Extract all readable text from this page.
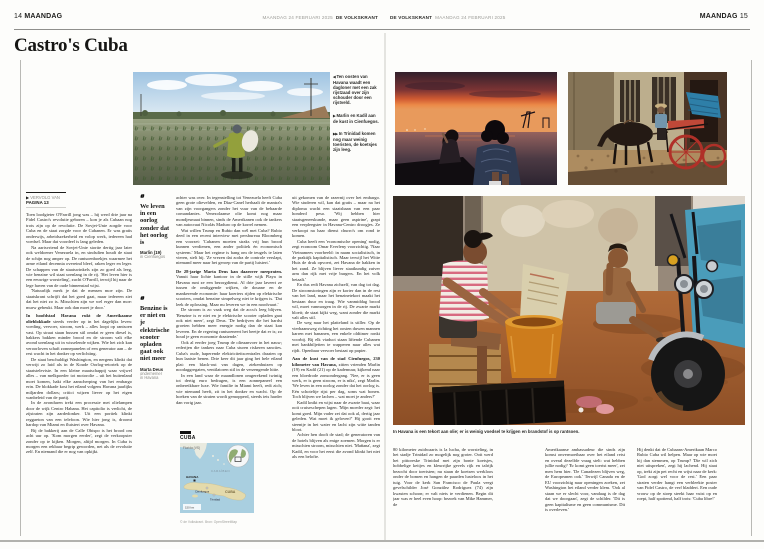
14 MAANDAG	MAANDAG 24 FEBRUARI 2025 DE VOLKSKRANT	DE VOLKSKRANT MAANDAG 24 FEBRUARI 2025	MAANDAG 15
Castro's Cuba
◀ Ten oosten van Havana waadt een dagloner met een zak rijstzaad over zijn schouder door een rijstveld.
▶ Marlin en Kadil aan de kust in Cienfuegos.
▶▶ In Trinidad komen nog maar weinig toeristen, de koetsjes zijn leeg.
▶ VERVOLG VAN
PAGINA 13

Toen loodgieter O'Farrill jong was – hij werd drie jaar na Fidel Castro's revolutie geboren – kon je als Cubaan nog trots zijn op de revolutie. De Sovjet-Unie zorgde voor Cuba en de staat zorgde voor de Cubanen. Er was gratis onderwijs, arbeidszekerheid en volop werk, iedereen had voedsel. Maar dat voordeel is lang geleden.

Na aartsvriend de Sovjet-Unie stortte dertig jaar later ook weldoener Venezuela in, en sindsdien houdt de staat de schijn nog amper op. De rantsoenboekjes waarmee het arme eiland decennia overeind bleef, raken leger en leger. De schappen van de staatswinkels zijn zo goed als leeg, wie benzine wil staat urenlang in de rij. 'Het leven hier is een eeuwige worsteling', zucht O'Farrill, terwijl hij naar de lege haven van de oude binnenstad wijst.

'Natuurlijk merk je dat de mensen moe zijn. De staatskrant schrijft dat het goed gaat, maar iedereen ziet dat het niet zo is. Misschien zijn we wel erger dan moe: murw gebeukt. Maar ook dan moet je door.'

In hoofdstad Havana rukt de Amerikaanse olieblokkade steeds verder op in het dagelijks leven: voeding, vervoer, stroom, werk – alles loopt op rantsoen vast. Op straat staan bussen stil omdat er geen diesel is, bakkers bakken minder brood en de stroom valt elke avond urenlang uit in wisselende wijken. Wie het zich kan veroorloven schaft zonnepanelen of een generator aan – de rest wacht in het donker op verlichting.

De staat beschuldigt Washington, en nergens klinkt dat verwijt zo luid als in de Koude Oorlog-retoriek op de staatstelevisie. In een kleine maatschappij waar vrijwel alles – van melkpoeder tot motorolie – uit het buitenland moet komen, hakt elke aanscherping van het embargo erin. De blokkade kost het eiland volgens Havana jaarlijks miljarden dollars; critici wijzen liever op het eigen wanbeleid van de partij.

In de avonduren trekt een processie met olielampen door de wijk Centro Habana. Het capitolio is verlicht, de zijstraten zijn aardedonker. Uit een portiek klinkt reggaeton van een telefoon. Wie hier jong is, droomt hardop van Miami en fluistert over Havana.

Bij de bakkerij aan de Calle Obispo is het brood om acht uur op. 'Kom morgen eerder', zegt de verkoopster zonder op te kijken. Morgen, altijd morgen. In Cuba is morgen een rekbaar begrip geworden, net als de revolutie zelf. En niemand die er nog van opkijkt.

❛❜
We leven in een oorlog zonder dat het oorlog is
Marlin (19)
in Cienfuegos
❛❜
Benzine is er niet en je elektrische scooter opladen gaat ook niet meer
Marta Deus
ondernemer
in Havana

achter was over. In tegenstelling tot Venezuela heeft Cuba geen grote olievelden, en Díaz-Canel herhaalt de mantra's van zijn voorgangers zonder het vuur van de bebaarde comandantes. Venezolaanse olie komt nog maar mondjesmaat binnen, sinds de Amerikanen ook de tankers van autocraat Nicolás Maduro op de korrel nemen.

Wat willen Trump en Rubio dan wél met Cuba? Rubio deed in een recent interview met persbureau Bloomberg een voorzet: 'Cubanen moeten straks vrij hun brood kunnen verdienen, een ander politiek én economisch systeem.' Maar het regime is bang om de teugels te laten vieren, stelt hij. 'Ze vrezen dat zodra de controle verslapt, niemand meer naar het geroep van de partij luistert.'

De 28-jarige Marta Deus kan daarover meepraten. Vanuit haar lichte kantoor in de stille wijk Playa in Havana runt ze een bezorgdienst. Al drie jaar laveert ze tussen de omliggende wijken, de douane en de mankerende economie: haar koeriers rijden op elektrische scooters, omdat benzine simpelweg niet te krijgen is. 'Dat leek de oplossing. Maar nu leveren we in een noodvaart.'

De stroom is zo vaak weg dat de accu's leeg blijven. 'Benzine is er niet en je elektrische scooter opladen gaat ook niet meer', zegt Deus. 'De bedrijven die het hardst groeien hebben meer energie nodig dan de staat kan leveren. En de regering rantsoeneert het beetje dat er is; zo houd je geen economie draaiende.'

Ook al eerder joeg Trump de olieaanvoer in het nauw; rederijen die tankers naar Cuba sturen riskeren sancties. Cuba's oude, haperende elektriciteitscentrales draaien op hun laatste benen. Drie keer dit jaar ging het hele eiland plat: een black-out van dagen, ziekenhuizen op noodaggregaten, ventilatoren stil in de verzengende hitte.

In een land waar de maandlonen omgerekend twintig tot dertig euro bedragen, is een zonnepaneel een onbereikbare luxe. Wie familie in Miami heeft, redt zich; wie niemand heeft, zit in het donker en wacht. Op de hoeken van de straten wordt gemopperd, steeds iets harder dan vorig jaar.

CUBA
Florida (VS)
CARAÏBEN
HAVANA
Cienfuegos	CUBA
Trinidad
150 km
© de Volkskrant. Bron: OpenStreetMap

uit gekomen van de razernij over het embargo. Wie studeren wil, kan dat gratis – maar na het diploma wacht een staatsbaan van een paar honderd peso. 'Wij hebben hier staatsgeneeskunde, maar geen aspirine', grapt een verpleegster in Havana-Centro droogjes. Ze verkoopt na haar dienst churro's om rond te komen.

Cuba heeft een 'economische opening' nodig, zegt econoom Omar Everleny voorzichtig. 'Naar Vietnamees voorbeeld: in naam socialistisch, in de praktijk kapitalistisch. Maar terwijl het Witte Huis de druk opvoert, zet Havana de hakken in het zand. Ze blijven liever staatkundig zuiver arm dan rijk met vrije burgers. En het volk betaalt.'

En dus redt Havana zichzelf, van dag tot dag. De stroomstoringen zijn er korter dan in de rest van het land, maar het benzinetekort maakt het bestaan duur en traag. Wie vanmiddag brood wil, moet vanmorgen in de rij. De zwarte markt bloeit; de staat kijkt weg, want zonder die markt valt alles stil.

De weg naar het platteland is stiller. Op de vierbaansweg richting het oosten duwen mannen karren met bananen, een enkele oldtimer ronkt voorbij. Bij elk viaduct staan liftende Cubanen met bankbiljetten te wapperen naar alles wat rijdt. Openbaar vervoer bestaat op papier.

Aan de kust van de stad Cienfuegos, 230 kilometer van Havana, zitten vrienden Marlin (19) en Kadil (21) op de kademuur, kijkend naar een bloedrode zonsondergang. 'Nee, er is geen werk, er is geen stroom, er is niks', zegt Marlin. 'We leven in een oorlog zonder dat het oorlog is. Eén schoteltje rijst per dag, soms wat bonen. Toch blijven we lachen – wat moet je anders?'

Kadil knikt en wijst naar de zwarte baai, waar ooit cruiseschepen lagen. 'Mijn moeder zegt: het komt goed. Mijn vader zei dat ook al, dertig jaar geleden. Wat moet ik geloven?' Hij gooit een steentje in het water en lacht zijn witte tanden bloot.

Achter hen dooft de stad; de generatoren van de hotels blijven als enige zoemen. Morgen is er misschien stroom, misschien niet. 'Mañana', zegt Kadil, en voor het eerst die avond klinkt het niet als een belofte.

In Havana is een tekort aan olie; er is weinig voedsel te krijgen en brandstof is op rantsoen.

80 kilometer zuidwaarts is la lucha, de worsteling, in het stadje Trinidad zo mogelijk nog groter. Ooit werd het pittoreske Trinidad met zijn bonte koetsjes, hobbelige keitjes en kleurrijke gevels rijk en talrijk bezocht door toeristen; nu staan de koetsen werkloos onder de bomen en hangen de paarden lusteloos in het tuig. Voor de kerk San Francisco de Paula veegt gevelschilder José González Rodríguez (74) zijn kwasten schoon; er valt niets te verdienen. Begin dit jaar was er heel even hoop: bezoek van Mike Hammer, de

Amerikaanse ambassadeur die sinds zijn komst onvermoeibaar over het eiland reist en overal dezelfde vraag stelt: wat hebben jullie nodig? 'Er komt geen toerist meer', zei men hem hier. 'De Canadezen blijven weg, de Europeanen ook.' Terwijl Canada en de EU voorzichtig naar openingen zoeken, zet Washington het eiland verder klem. 'Ook al staan we er slecht voor, vandaag is de dag dat we doorgaan', zegt de schilder. 'Dit is geen kapitalisme en geen communisme. Dit is overleven.'

Hij denkt dat de Cubaans-Amerikaan Marco Rubio Cuba wil helpen. Maar op wie moet hij dan stemmen, op Trump? 'Die wil zich niet uitspreken', zegt hij lachend. Hij staat op, trekt zijn pet recht en wijst naar de kerk: 'God zorgt wel voor de rest.' Een paar straten verder hangt een verbleekte poster van Fidel Castro, de verf bladdert. Een oude vrouw op de stoep steekt haar vuist op en roept, half spottend, half trots: 'Cuba libre!'
